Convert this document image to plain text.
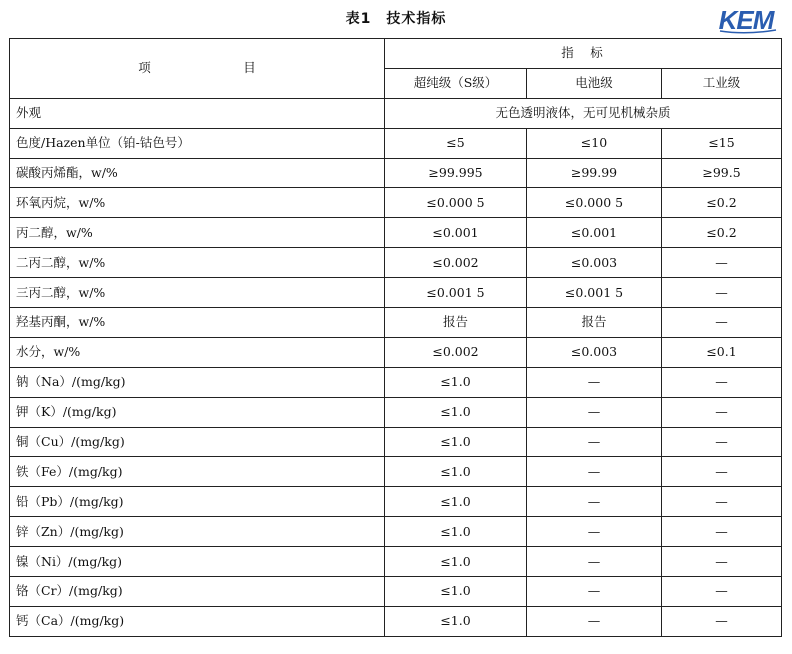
表1　技术指标	KEM
项　目	指　标		
	超纯级（S级）	电池级	工业级
外观	无色透明液体，无可见机械杂质		
色度/Hazen单位（铂-钴色号）	≤5	≤10	≤15
碳酸丙烯酯，w/%	≥99.995	≥99.99	≥99.5
环氧丙烷，w/%	≤0.000 5	≤0.000 5	≤0.2
丙二醇，w/%	≤0.001	≤0.001	≤0.2
二丙二醇，w/%	≤0.002	≤0.003	—
三丙二醇，w/%	≤0.001 5	≤0.001 5	—
羟基丙酮，w/%	报告	报告	—
水分，w/%	≤0.002	≤0.003	≤0.1
钠（Na）/(mg/kg)	≤1.0	—	—
钾（K）/(mg/kg)	≤1.0	—	—
铜（Cu）/(mg/kg)	≤1.0	—	—
铁（Fe）/(mg/kg)	≤1.0	—	—
铅（Pb）/(mg/kg)	≤1.0	—	—
锌（Zn）/(mg/kg)	≤1.0	—	—
镍（Ni）/(mg/kg)	≤1.0	—	—
铬（Cr）/(mg/kg)	≤1.0	—	—
钙（Ca）/(mg/kg)	≤1.0	—	—
